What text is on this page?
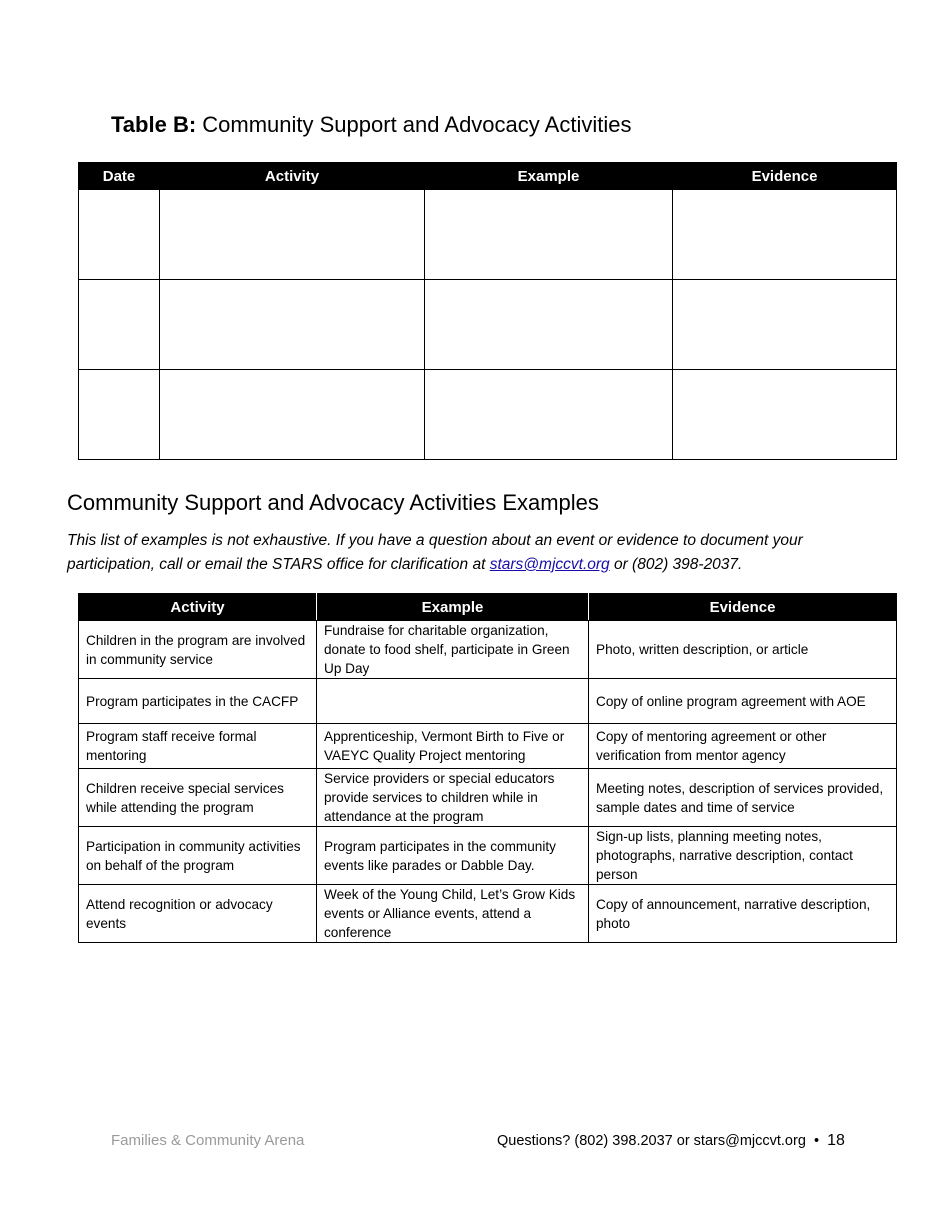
Table B: Community Support and Advocacy Activities
Date	Activity	Example	Evidence

Community Support and Advocacy Activities Examples
This list of examples is not exhaustive. If you have a question about an event or evidence to document your participation, call or email the STARS office for clarification at stars@mjccvt.org or (802) 398-2037.
Activity	Example	Evidence
Children in the program are involved in community service	Fundraise for charitable organization, donate to food shelf, participate in Green Up Day	Photo, written description, or article
Program participates in the CACFP		Copy of online program agreement with AOE
Program staff receive formal mentoring	Apprenticeship, Vermont Birth to Five or VAEYC Quality Project mentoring	Copy of mentoring agreement or other verification from mentor agency
Children receive special services while attending the program	Service providers or special educators provide services to children while in attendance at the program	Meeting notes, description of services provided, sample dates and time of service
Participation in community activities on behalf of the program	Program participates in the community events like parades or Dabble Day.	Sign-up lists, planning meeting notes, photographs, narrative description, contact person
Attend recognition or advocacy events	Week of the Young Child, Let’s Grow Kids events or Alliance events, attend a conference	Copy of announcement, narrative description, photo
Families & Community Arena	Questions? (802) 398.2037 or stars@mjccvt.org • 18
